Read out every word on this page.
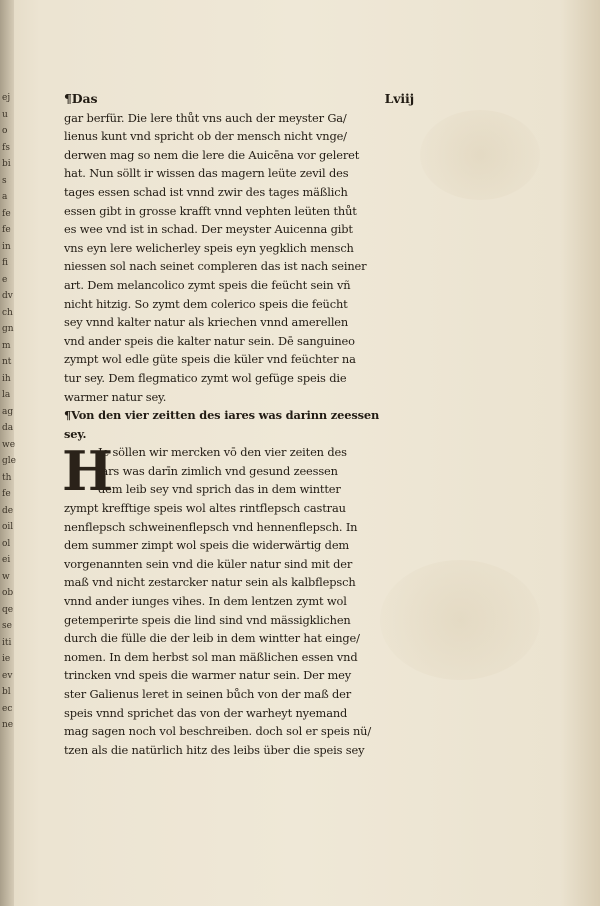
ej
u
o
fs
bi
s
a
fe
fe
in
fi
e
dv
ch
gn
m
nt
ih
la
ag
da
we
gle
th
fe
de
oil
ol
ei
w
ob
qe
se
iti
ie
ev
bl
ec
ne
¶Das	Lviij
gar berfür. Die lere thůt vns auch der meyster Ga/
lienus kunt vnd spricht ob der mensch nicht vnge/
derwen mag so nem die lere die Auicēna vor geleret
hat. Nun söllt ir wissen das magern leüte zevil des
tages essen schad ist vnnd zwir des tages mäßlich
essen gibt in grosse krafft vnnd vephten leüten thůt
es wee vnd ist in schad. Der meyster Auicenna gibt
vns eyn lere welicherley speis eyn yegklich mensch
niessen sol nach seinet compleren das ist nach seiner
art. Dem melancolico zymt speis die feücht sein vñ
nicht hitzig. So zymt dem colerico speis die feücht
sey vnnd kalter natur als kriechen vnnd amerellen
vnd ander speis die kalter natur sein. Dē sanguineo
zympt wol edle güte speis die küler vnd feüchter na
tur sey. Dem flegmatico zymt wol gefüge speis die
warmer natur sey.
¶Von den vier zeitten des iares was darinn zeessen
sey.
H
Je söllen wir mercken vō den vier zeiten des
iars was darīn zimlich vnd gesund zeessen
dem leib sey vnd sprich das in dem wintter
zympt krefftige speis wol altes rintflepsch castrau
nenflepsch schweinenflepsch vnd hennenflepsch. In
dem summer zimpt wol speis die widerwärtig dem
vorgenannten sein vnd die küler natur sind mit der
maß vnd nicht zestarcker natur sein als kalbflepsch
vnnd ander iunges vihes. In dem lentzen zymt wol
getemperirte speis die lind sind vnd mässigklichen
durch die fülle die der leib in dem wintter hat einge/
nomen. In dem herbst sol man mäßlichen essen vnd
trincken vnd speis die warmer natur sein. Der mey
ster Galienus leret in seinen bůch von der maß der
speis vnnd sprichet das von der warheyt nyemand
mag sagen noch vol beschreiben. doch sol er speis nü/
tzen als die natürlich hitz des leibs über die speis sey
